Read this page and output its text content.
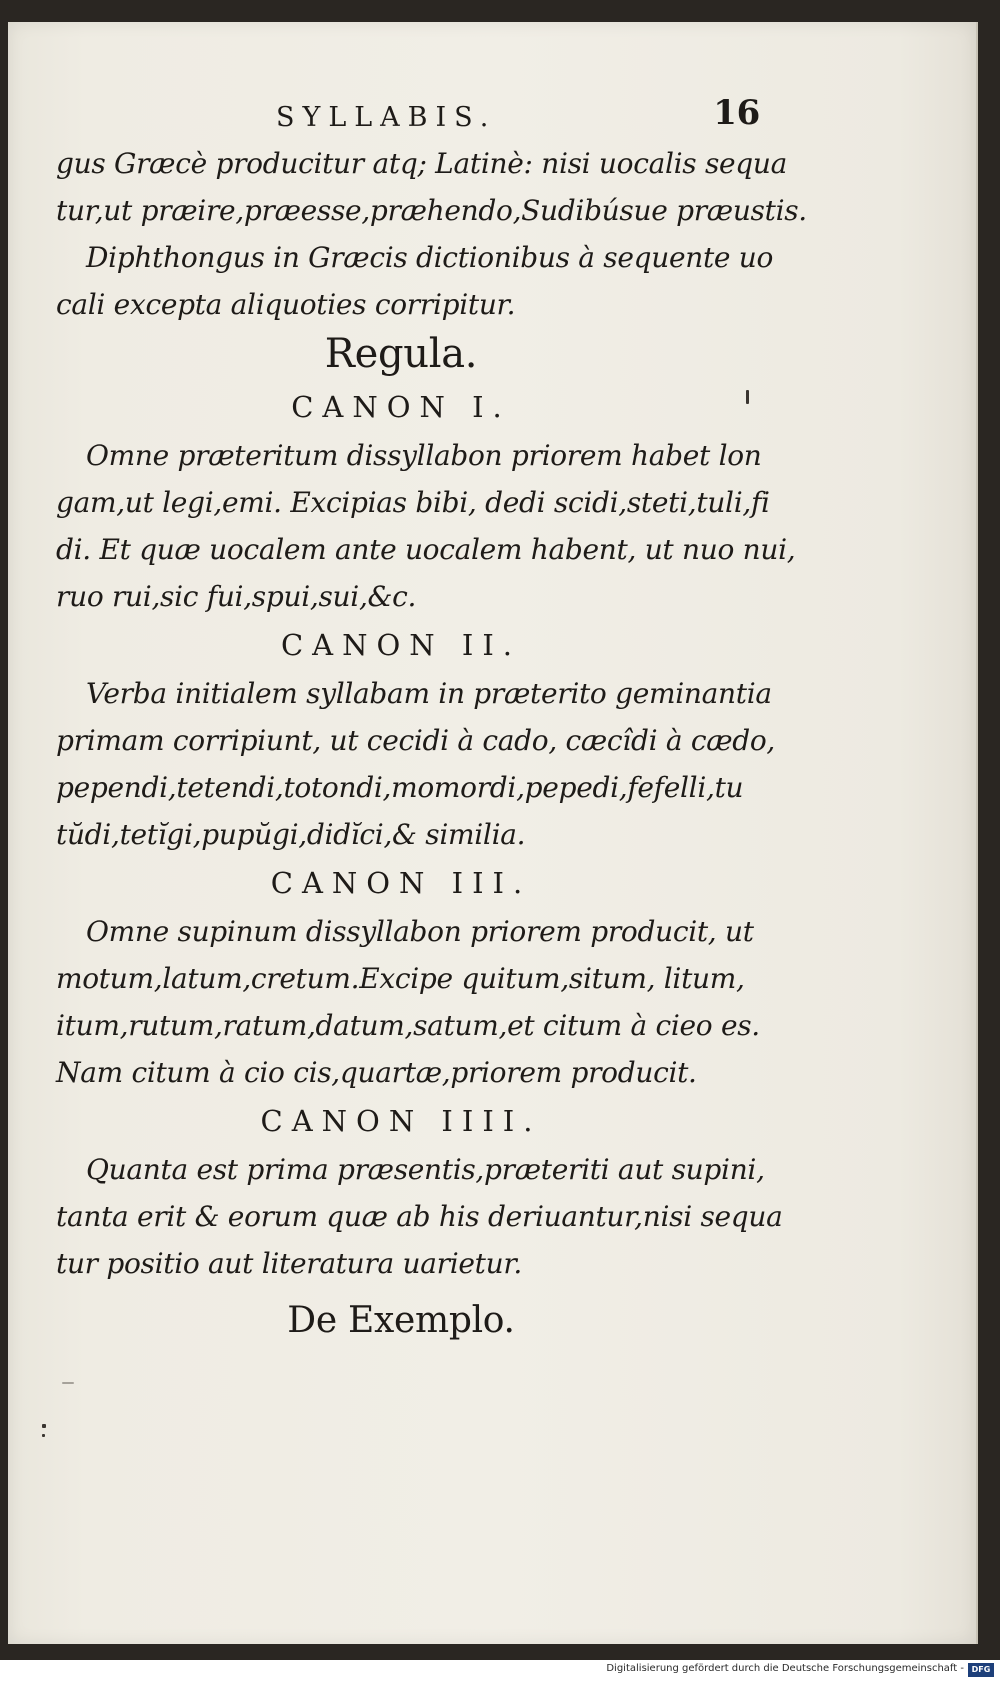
SYLLABIS.	16
gus Græcè producitur atq; Latinè: nisi uocalis sequa
tur,ut præire,præesse,præhendo,Sudibúsue præustis.
Diphthongus in Græcis dictionibus à sequente uo
cali excepta aliquoties corripitur.
Regula.
CANON I.
Omne præteritum dissyllabon priorem habet lon
gam,ut legi,emi. Excipias bibi, dedi scidi,steti,tuli,fi
di. Et quæ uocalem ante uocalem habent, ut nuo nui,
ruo rui,sic fui,spui,sui,&c.
CANON II.
Verba initialem syllabam in præterito geminantia
primam corripiunt, ut cecidi à cado, cæcîdi à cædo,
pependi,tetendi,totondi,momordi,pepedi,fefelli,tu
tŭdi,tetĭgi,pupŭgi,didĭci,& similia.
CANON III.
Omne supinum dissyllabon priorem producit, ut
motum,latum,cretum.Excipe quitum,situm, litum,
itum,rutum,ratum,datum,satum,et citum à cieo es.
Nam citum à cio cis,quartæ,priorem producit.
CANON IIII.
Quanta est prima præsentis,præteriti aut supini,
tanta erit & eorum quæ ab his deriuantur,nisi sequa
tur positio aut literatura uarietur.
De Exemplo.
Digitalisierung gefördert durch die Deutsche Forschungsgemeinschaft - DFG
